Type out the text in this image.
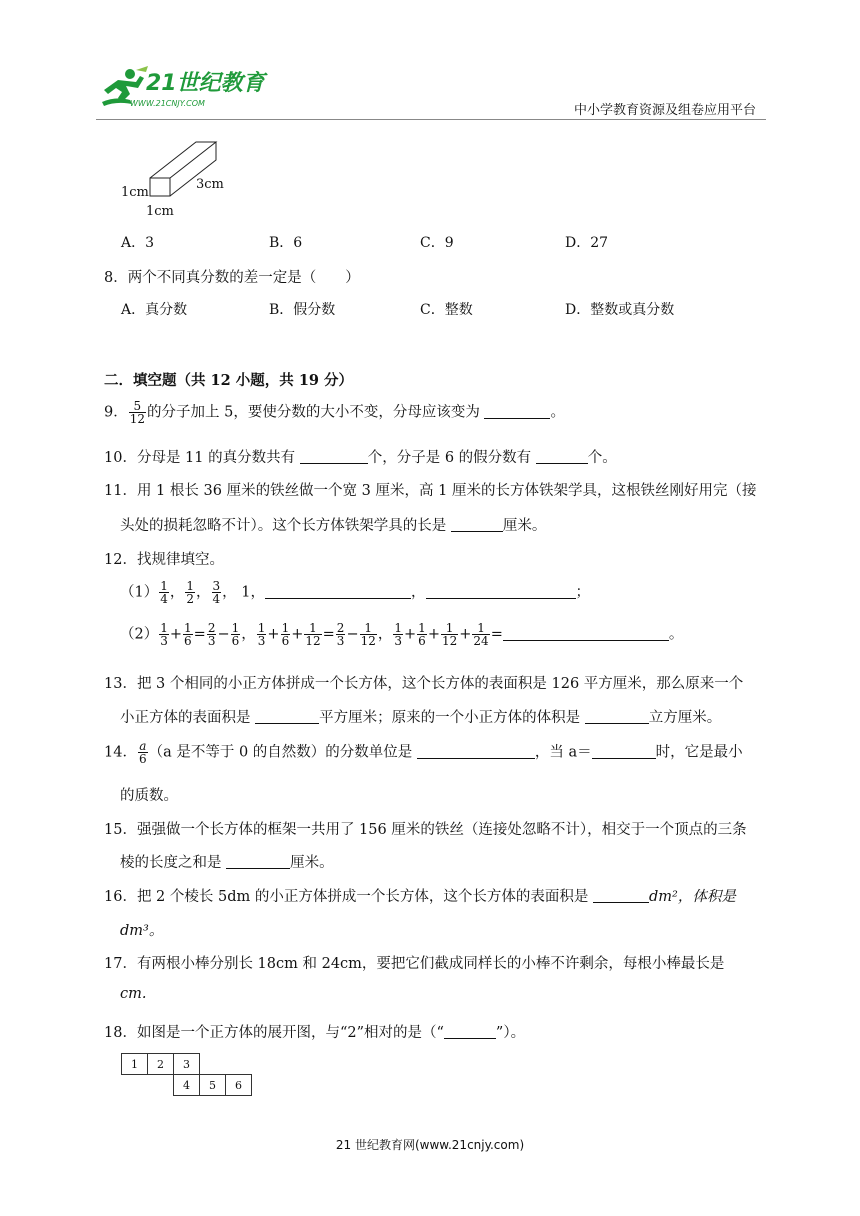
21世纪教育
WWW.21CNJY.COM	中小学教育资源及组卷应用平台
1cm
1cm
3cm
A．3	B．6	C．9	D．27
8．两个不同真分数的差一定是（　　）
A．真分数	B．假分数	C．整数	D．整数或真分数
二．填空题（共 12 小题，共 19 分）
9． $\frac{5}{12}$ 的分子加上 5，要使分数的大小不变，分母应该变为	。
10．分母是 11 的真分数共有	个，分子是 6 的假分数有	个。
11．用 1 根长 36 厘米的铁丝做一个宽 3 厘米，高 1 厘米的长方体铁架学具，这根铁丝刚好用完（接
头处的损耗忽略不计）。这个长方体铁架学具的长是	厘米。
12．找规律填空。
$(1) \frac{1}{4}$ ， $\frac{1}{2}$ ， $\frac{3}{4}$ ， 1，	，	；
$(2) \frac{1}{3} + \frac{1}{6} = \frac{2}{3} - \frac{1}{6}$ ， $\frac{1}{3} + \frac{1}{6} + \frac{1}{12} = \frac{2}{3} - \frac{1}{12}$ ， $\frac{1}{3} + \frac{1}{6} + \frac{1}{12} + \frac{1}{24}$ =	。
13．把 3 个相同的小正方体拼成一个长方体，这个长方体的表面积是 126 平方厘米，那么原来一个
小正方体的表面积是	平方厘米；原来的一个小正方体的体积是	立方厘米。
14． $\frac{a}{6} (a$ 是不等于 0 的自然数）的分数单位是	，当 a＝	时，它是最小
的质数。
15．强强做一个长方体的框架一共用了 156 厘米的铁丝（连接处忽略不计），相交于一个顶点的三条
棱的长度之和是	厘米。
16．把 2 个棱长 5dm 的小正方体拼成一个长方体，这个长方体的表面积是	dm²，体积是
dm³。
17．有两根小棒分别长 18cm 和 24cm，要把它们截成同样长的小棒不许剩余，每根小棒最长是
cm.
18．如图是一个正方体的展开图，与“2”相对的是（“	”）。
1	2	3		
		4	5	6
21 世纪教育网(www.21cnjy.com)
